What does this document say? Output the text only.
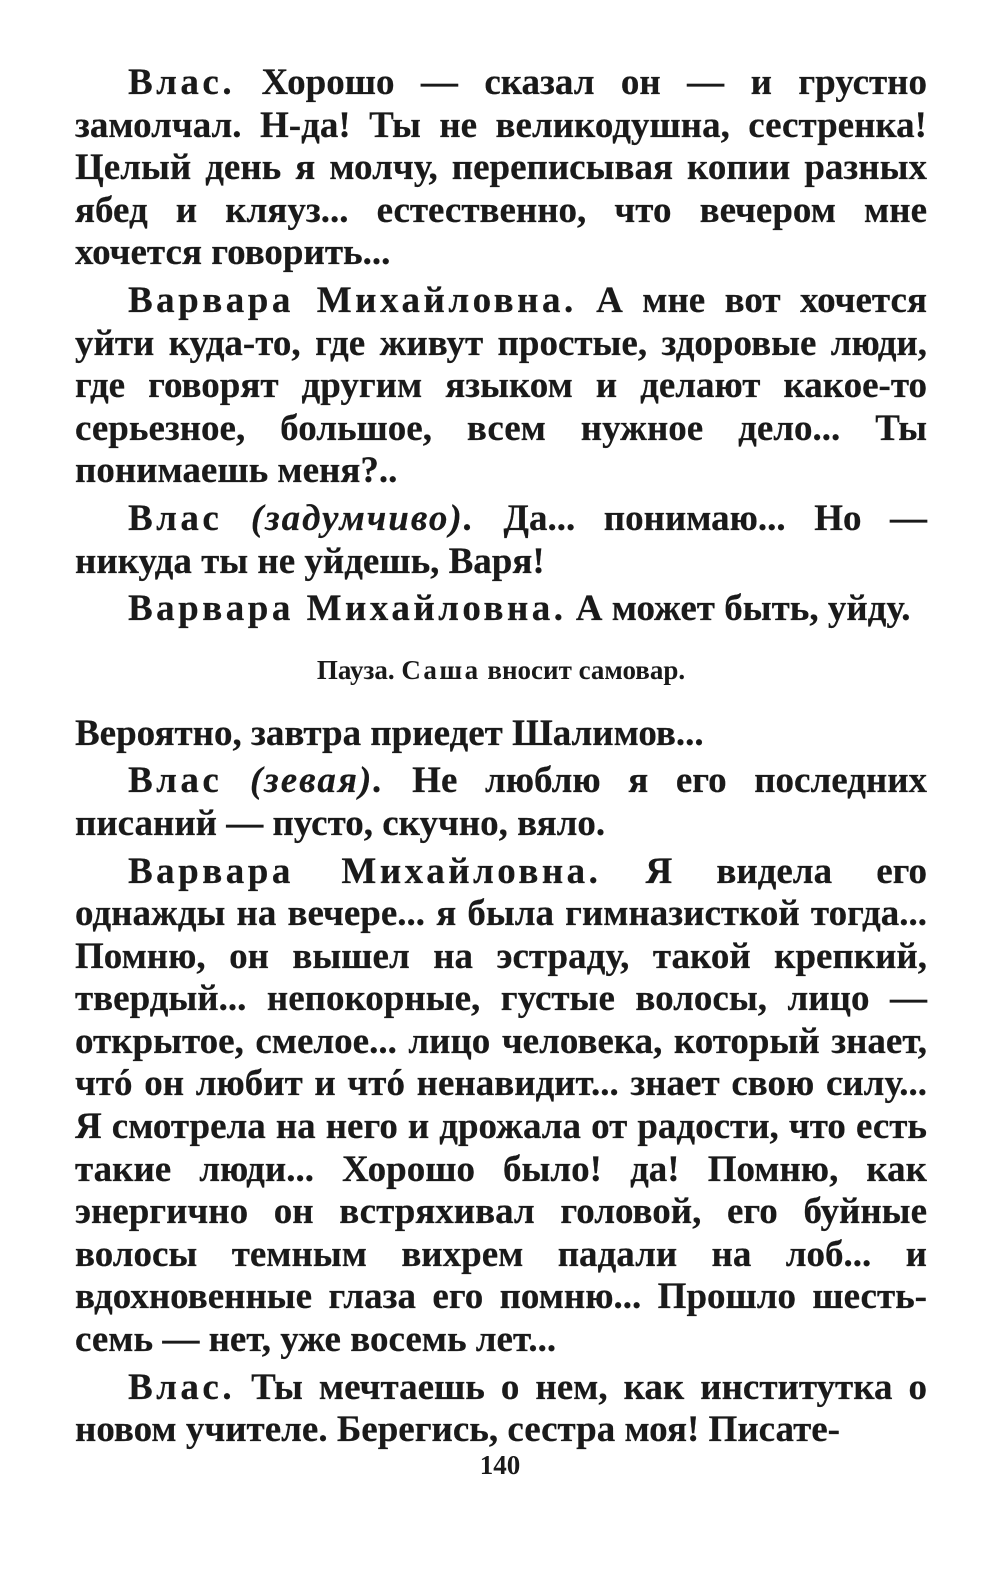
Влас. Хорошо — сказал он — и грустно замолчал. Н-да! Ты не великодушна, сестренка! Целый день я молчу, переписывая копии разных ябед и кляуз... естественно, что вечером мне хочется говорить...

Варвара Михайловна. А мне вот хочется уйти куда-то, где живут простые, здоровые люди, где говорят другим языком и делают какое-то серьезное, большое, всем нужное дело... Ты понимаешь меня?..

Влас (задумчиво). Да... понимаю... Но — никуда ты не уйдешь, Варя!

Варвара Михайловна. А может быть, уйду.

Пауза. Саша вносит самовар.

Вероятно, завтра приедет Шалимов...

Влас (зевая). Не люблю я его последних писаний — пусто, скучно, вяло.

Варвара Михайловна. Я видела его однажды на вечере... я была гимназисткой тогда... Помню, он вышел на эстраду, такой крепкий, твердый... непокорные, густые волосы, лицо — открытое, смелое... лицо человека, который знает, чтó он любит и чтó ненавидит... знает свою силу... Я смотрела на него и дрожала от радости, что есть такие люди... Хорошо было! да! Помню, как энергично он встряхивал головой, его буйные волосы темным вихрем падали на лоб... и вдохновенные глаза его помню... Прошло шесть-семь — нет, уже восемь лет...

Влас. Ты мечтаешь о нем, как институтка о новом учителе. Берегись, сестра моя! Писате-

140
